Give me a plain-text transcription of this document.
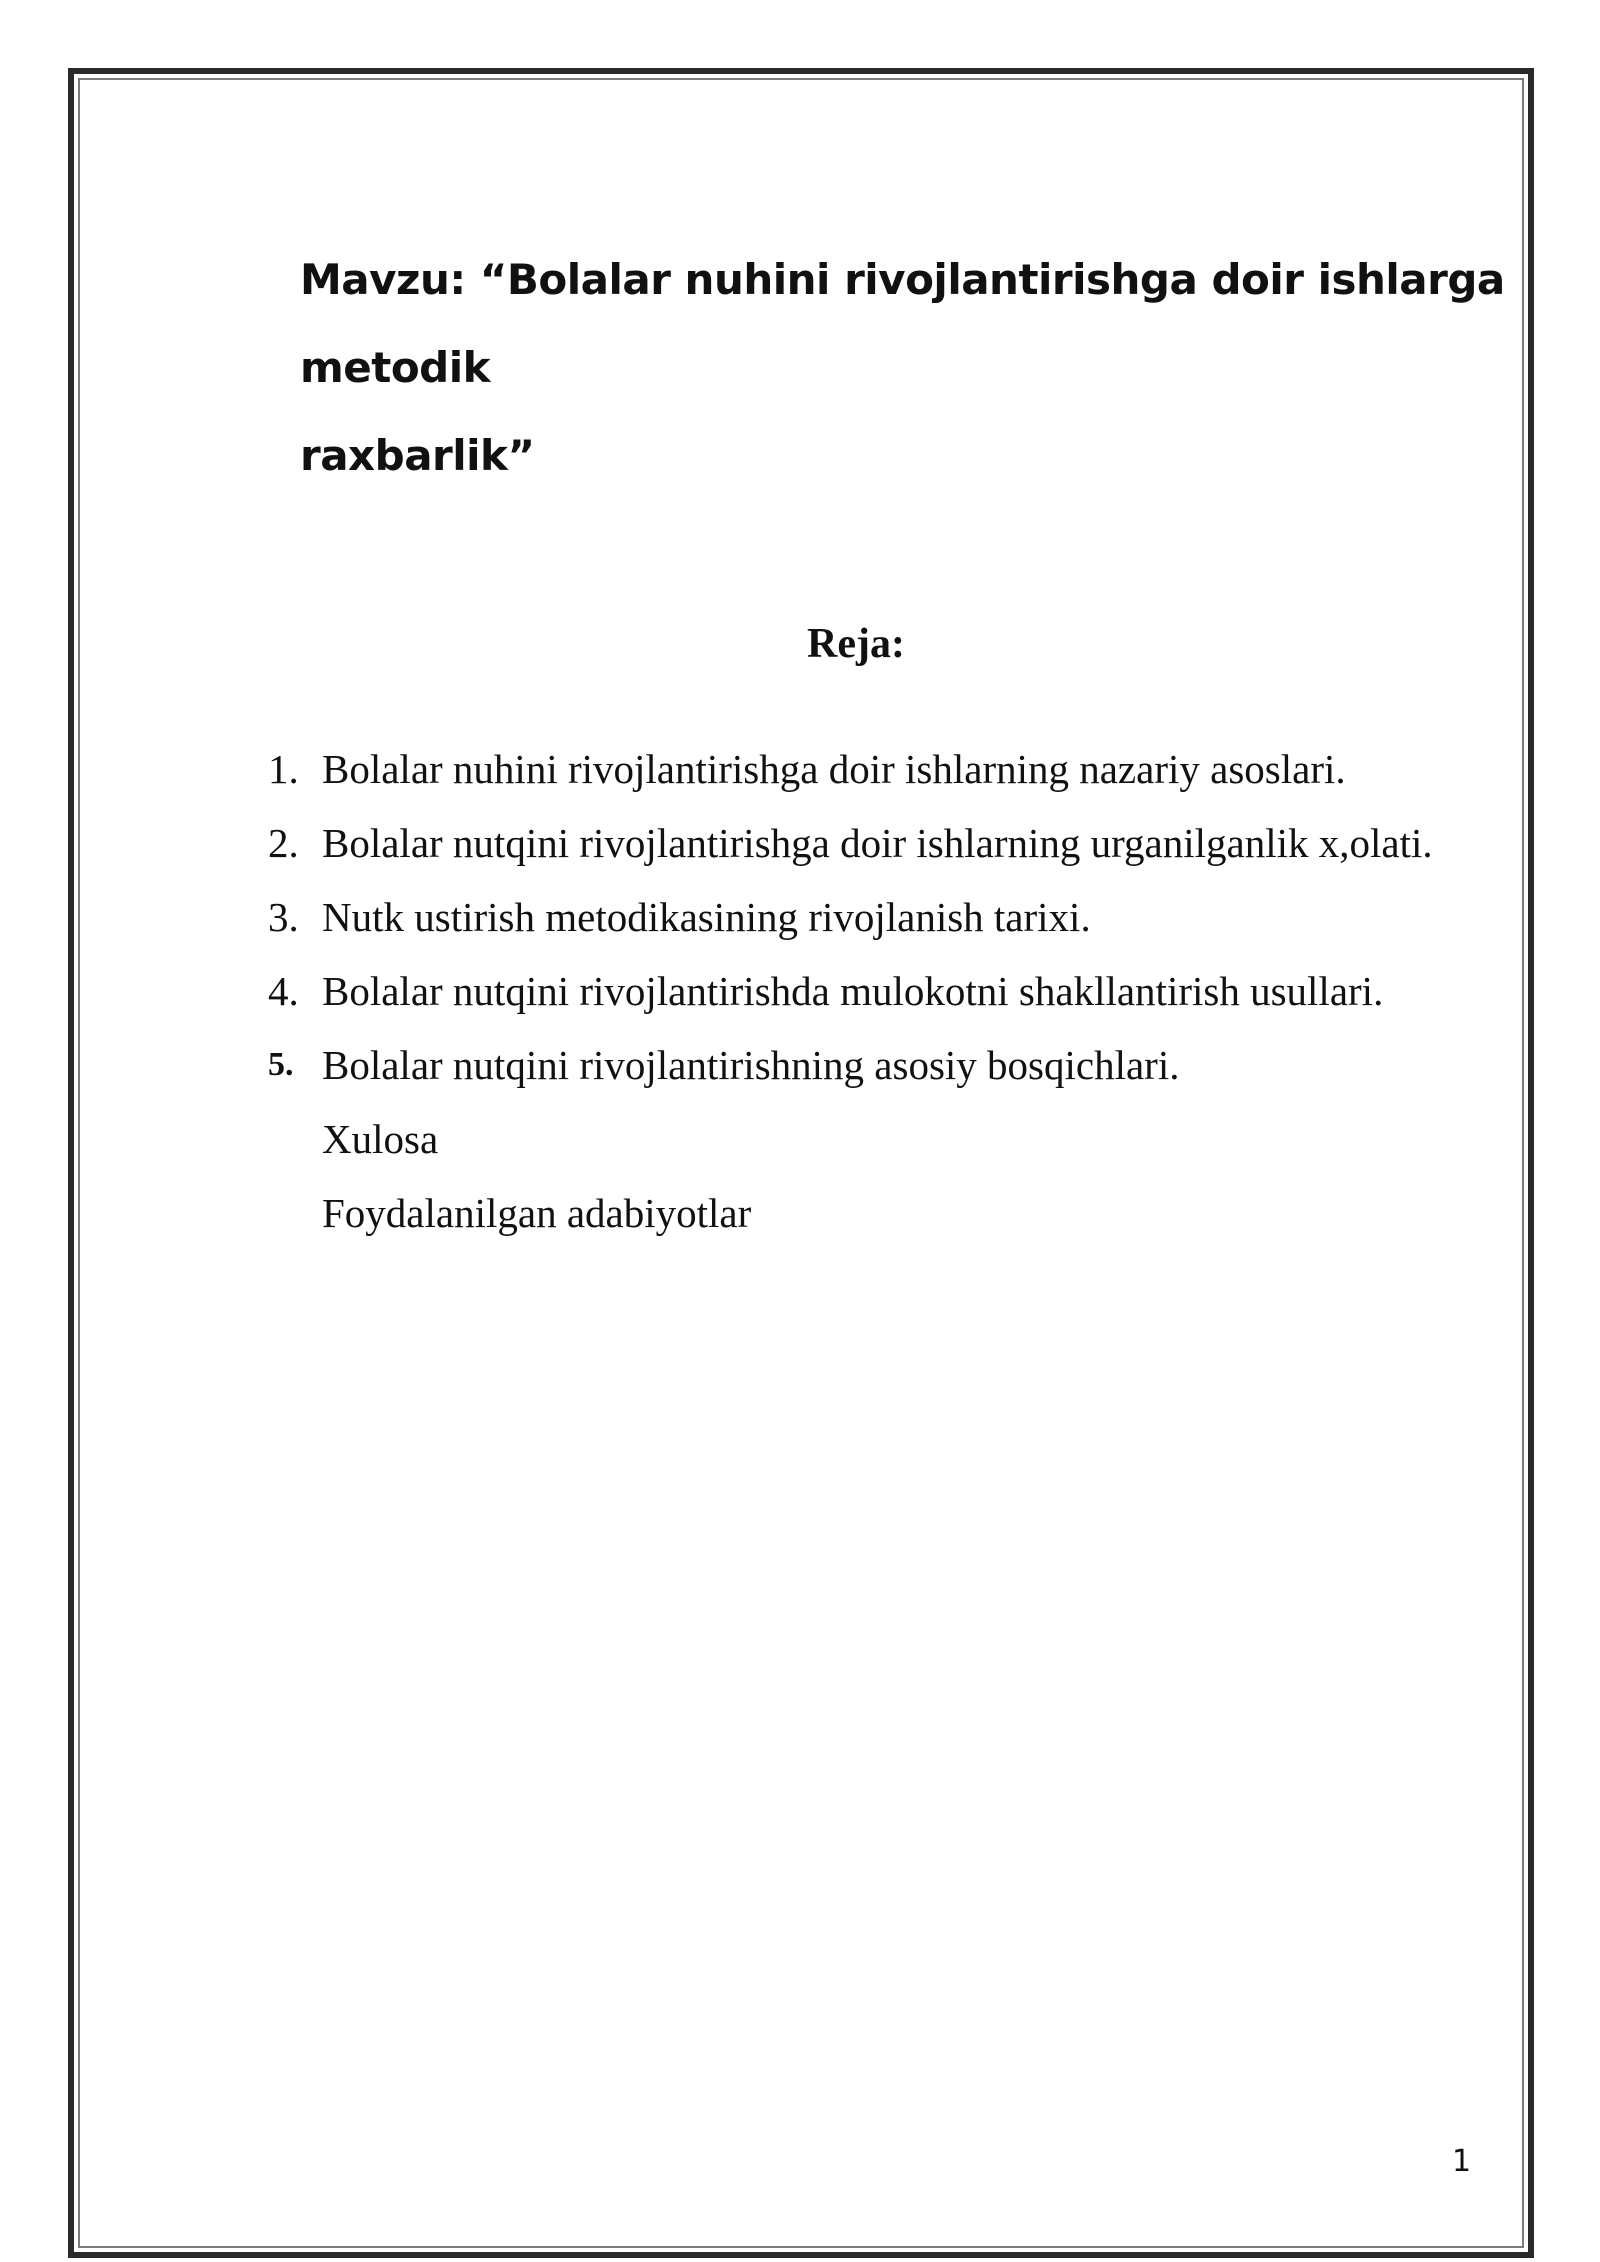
Mavzu: “Bolalar nuhini rivojlantirishga doir ishlarga
metodik
raxbarlik”
Reja:
1. Bolalar nuhini rivojlantirishga doir ishlarning nazariy asoslari.
2. Bolalar nutqini rivojlantirishga doir ishlarning urganilganlik x,olati.
3. Nutk ustirish metodikasining rivojlanish tarixi.
4. Bolalar nutqini rivojlantirishda mulokotni shakllantirish usullari.
5. Bolalar nutqini rivojlantirishning asosiy bosqichlari.
Xulosa
Foydalanilgan adabiyotlar
1
